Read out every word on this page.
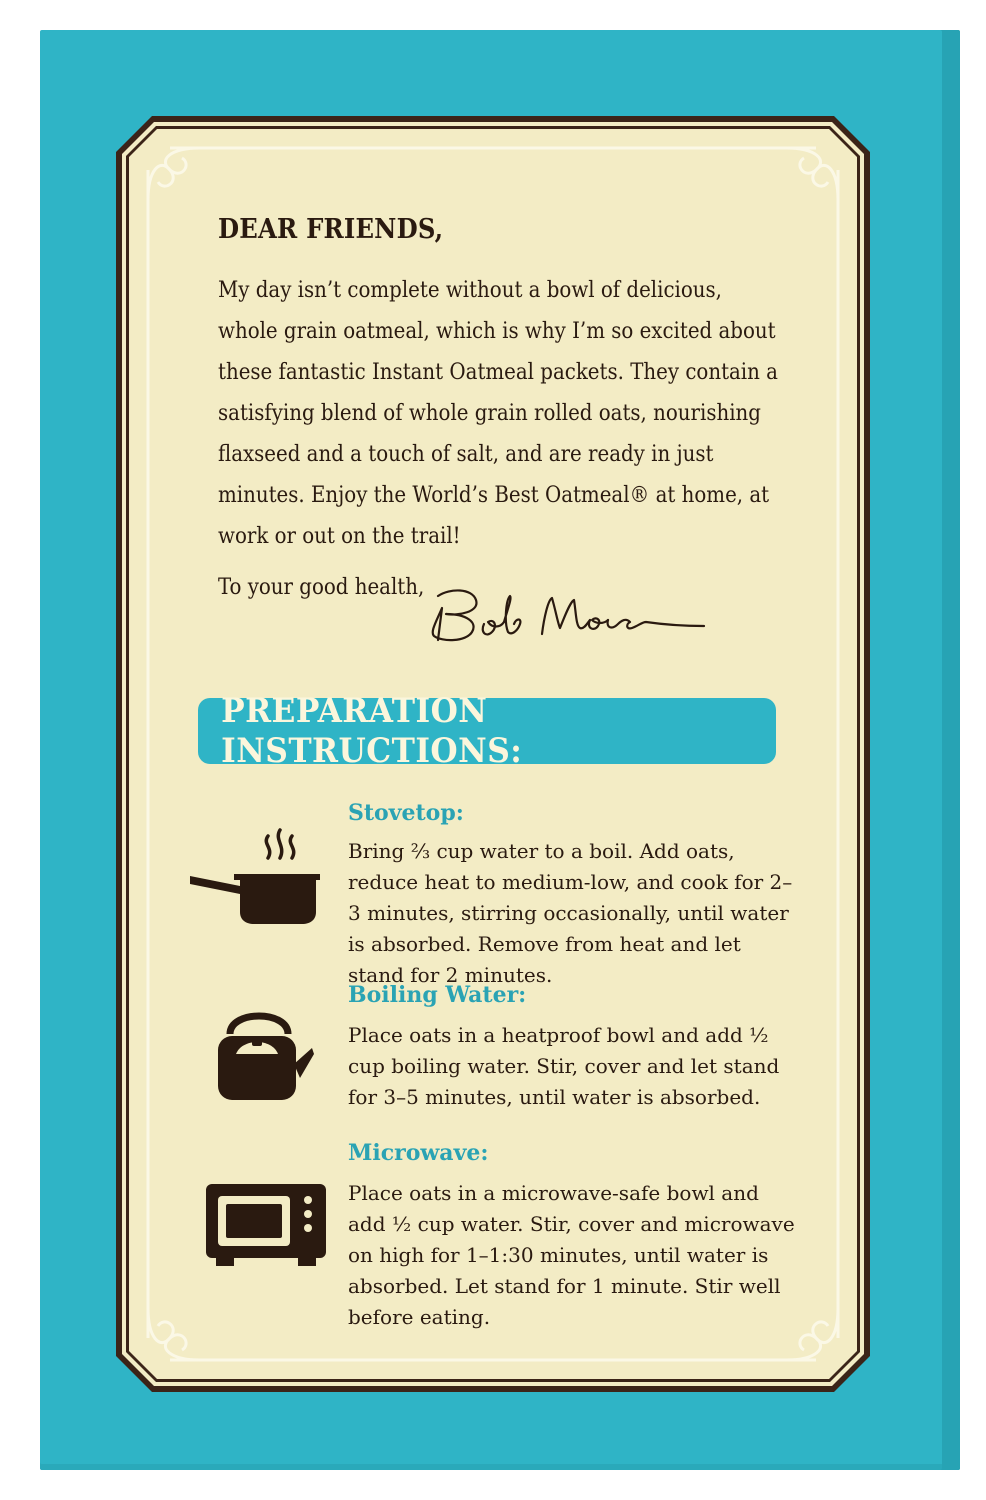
DEAR FRIENDS,
My day isn’t complete without a bowl of delicious, whole grain oatmeal, which is why I’m so excited about these fantastic Instant Oatmeal packets. They contain a satisfying blend of whole grain rolled oats, nourishing flaxseed and a touch of salt, and are ready in just minutes. Enjoy the World’s Best Oatmeal® at home, at work or out on the trail!
To your good health,
PREPARATION INSTRUCTIONS:
Stovetop:
Bring ⅔ cup water to a boil. Add oats, reduce heat to medium-low, and cook for 2–3 minutes, stirring occasionally, until water is absorbed. Remove from heat and let stand for 2 minutes.
Boiling Water:
Place oats in a heatproof bowl and add ½ cup boiling water. Stir, cover and let stand for 3–5 minutes, until water is absorbed.
Microwave:
Place oats in a microwave-safe bowl and add ½ cup water. Stir, cover and microwave on high for 1–1:30 minutes, until water is absorbed. Let stand for 1 minute. Stir well before eating.
